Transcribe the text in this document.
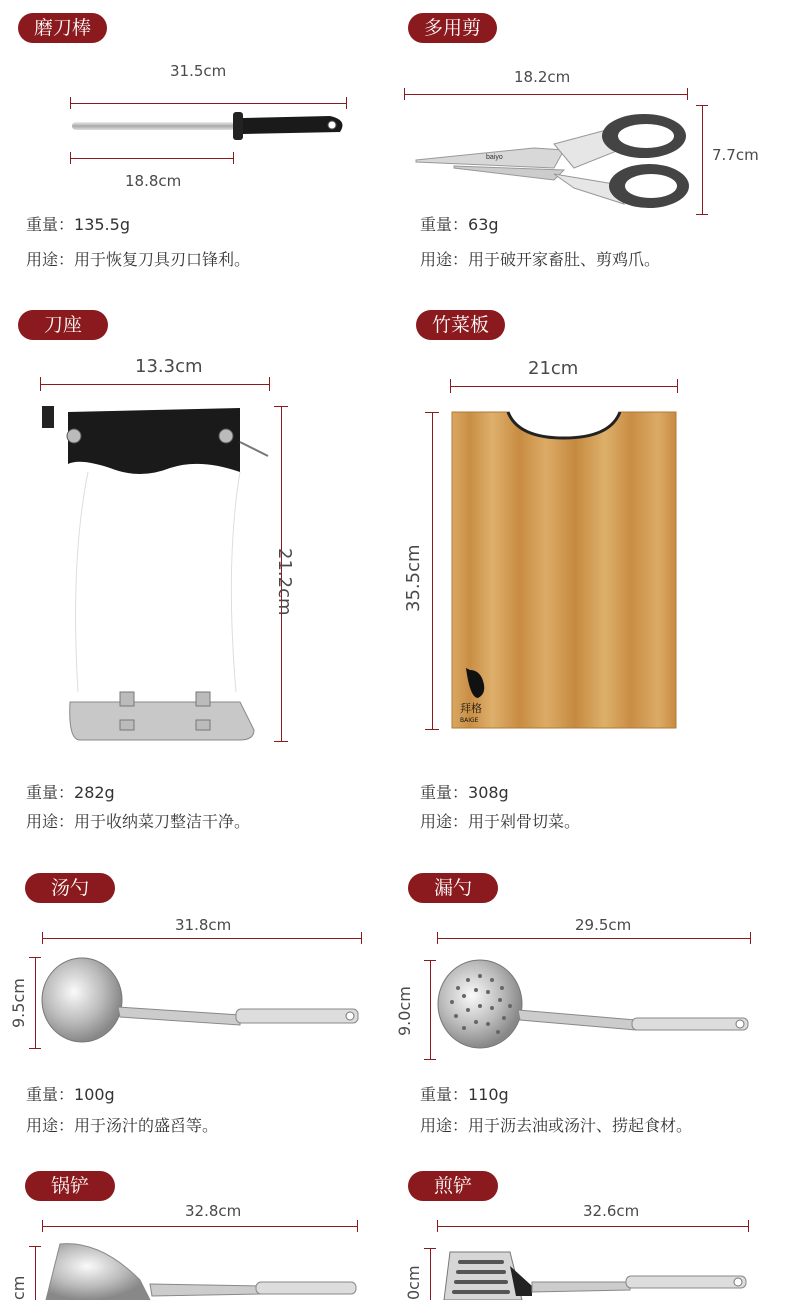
磨刀棒
31.5cm
18.8cm
重量：135.5g
用途：用于恢复刀具刃口锋利。
多用剪
18.2cm
7.7cm
baiyo
重量：63g
用途：用于破开家畜肚、剪鸡爪。
刀座
13.3cm
21.2cm
重量：282g
用途：用于收纳菜刀整洁干净。
竹菜板
21cm
35.5cm
拜格
BAIGE
重量：308g
用途：用于剁骨切菜。
汤勺
31.8cm
9.5cm
重量：100g
用途：用于汤汁的盛舀等。
漏勺
29.5cm
9.0cm
重量：110g
用途：用于沥去油或汤汁、捞起食材。
锅铲
32.8cm
cm
煎铲
32.6cm
0cm
